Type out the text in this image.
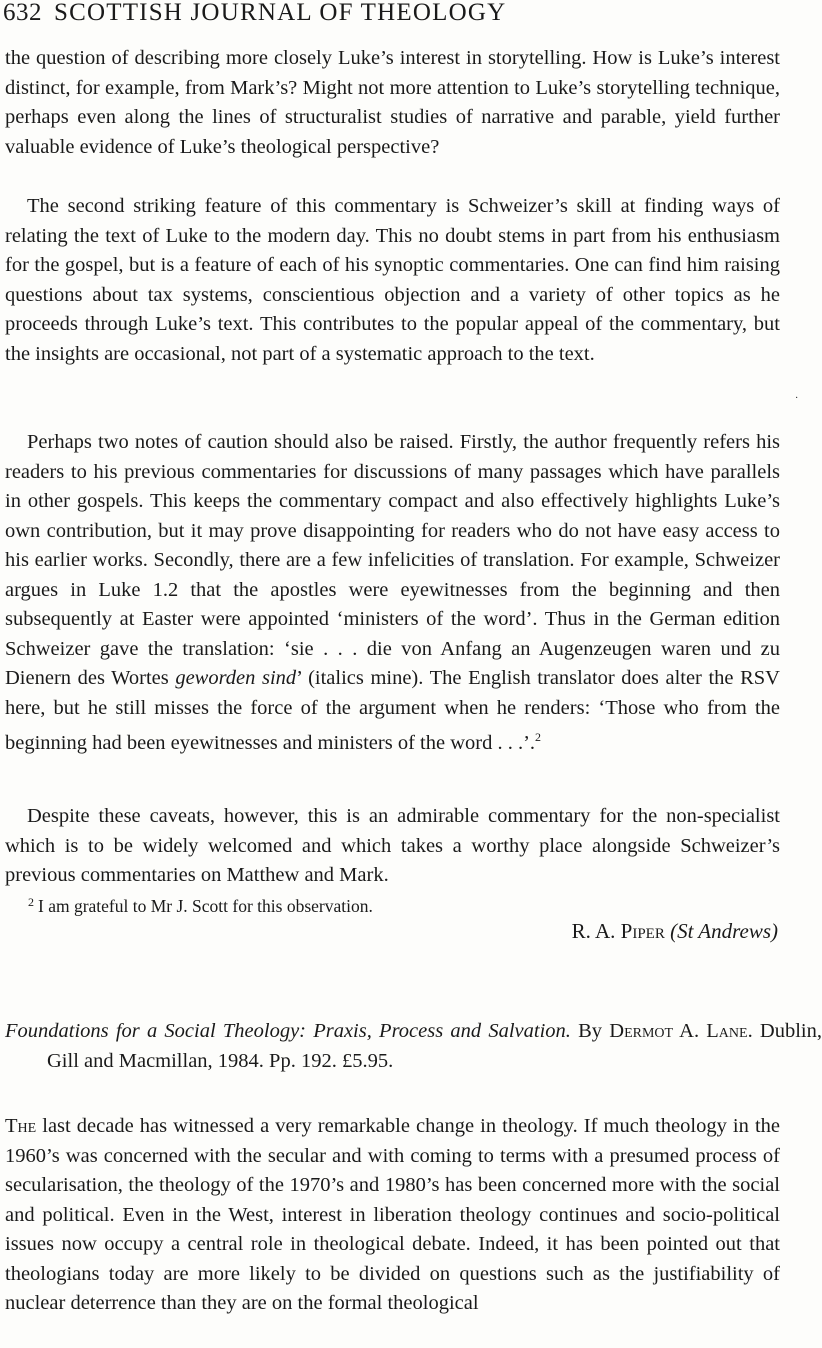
632 SCOTTISH JOURNAL OF THEOLOGY

the question of describing more closely Luke’s interest in storytelling. How is Luke’s interest distinct, for example, from Mark’s? Might not more attention to Luke’s storytelling technique, perhaps even along the lines of structuralist studies of narrative and parable, yield further valuable evidence of Luke’s theological perspective?

The second striking feature of this commentary is Schweizer’s skill at finding ways of relating the text of Luke to the modern day. This no doubt stems in part from his enthusiasm for the gospel, but is a feature of each of his synoptic commentaries. One can find him raising questions about tax systems, conscientious objection and a variety of other topics as he proceeds through Luke’s text. This contributes to the popular appeal of the commentary, but the insights are occasional, not part of a systematic approach to the text.

·

Perhaps two notes of caution should also be raised. Firstly, the author frequently refers his readers to his previous commentaries for discussions of many passages which have parallels in other gospels. This keeps the commentary compact and also effectively highlights Luke’s own contribution, but it may prove disappointing for readers who do not have easy access to his earlier works. Secondly, there are a few infelicities of translation. For example, Schweizer argues in Luke 1.2 that the apostles were eyewitnesses from the beginning and then subsequently at Easter were appointed ‘ministers of the word’. Thus in the German edition Schweizer gave the translation: ‘sie . . . die von Anfang an Augenzeugen waren und zu Dienern des Wortes geworden sind’ (italics mine). The English translator does alter the RSV here, but he still misses the force of the argument when he renders: ‘Those who from the beginning had been eyewitnesses and ministers of the word . . .’.$^2$

Despite these caveats, however, this is an admirable commentary for the non-specialist which is to be widely welcomed and which takes a worthy place alongside Schweizer’s previous commentaries on Matthew and Mark.

$^2$ I am grateful to Mr J. Scott for this observation.
R. A. Piper (St Andrews)

Foundations for a Social Theology: Praxis, Process and Salvation. By Dermot A. Lane. Dublin, Gill and Macmillan, 1984. Pp. 192. £5.95.

The last decade has witnessed a very remarkable change in theology. If much theology in the 1960’s was concerned with the secular and with coming to terms with a presumed process of secularisation, the theology of the 1970’s and 1980’s has been concerned more with the social and political. Even in the West, interest in liberation theology continues and socio-political issues now occupy a central role in theological debate. Indeed, it has been pointed out that theologians today are more likely to be divided on questions such as the justifiability of nuclear deterrence than they are on the formal theological
